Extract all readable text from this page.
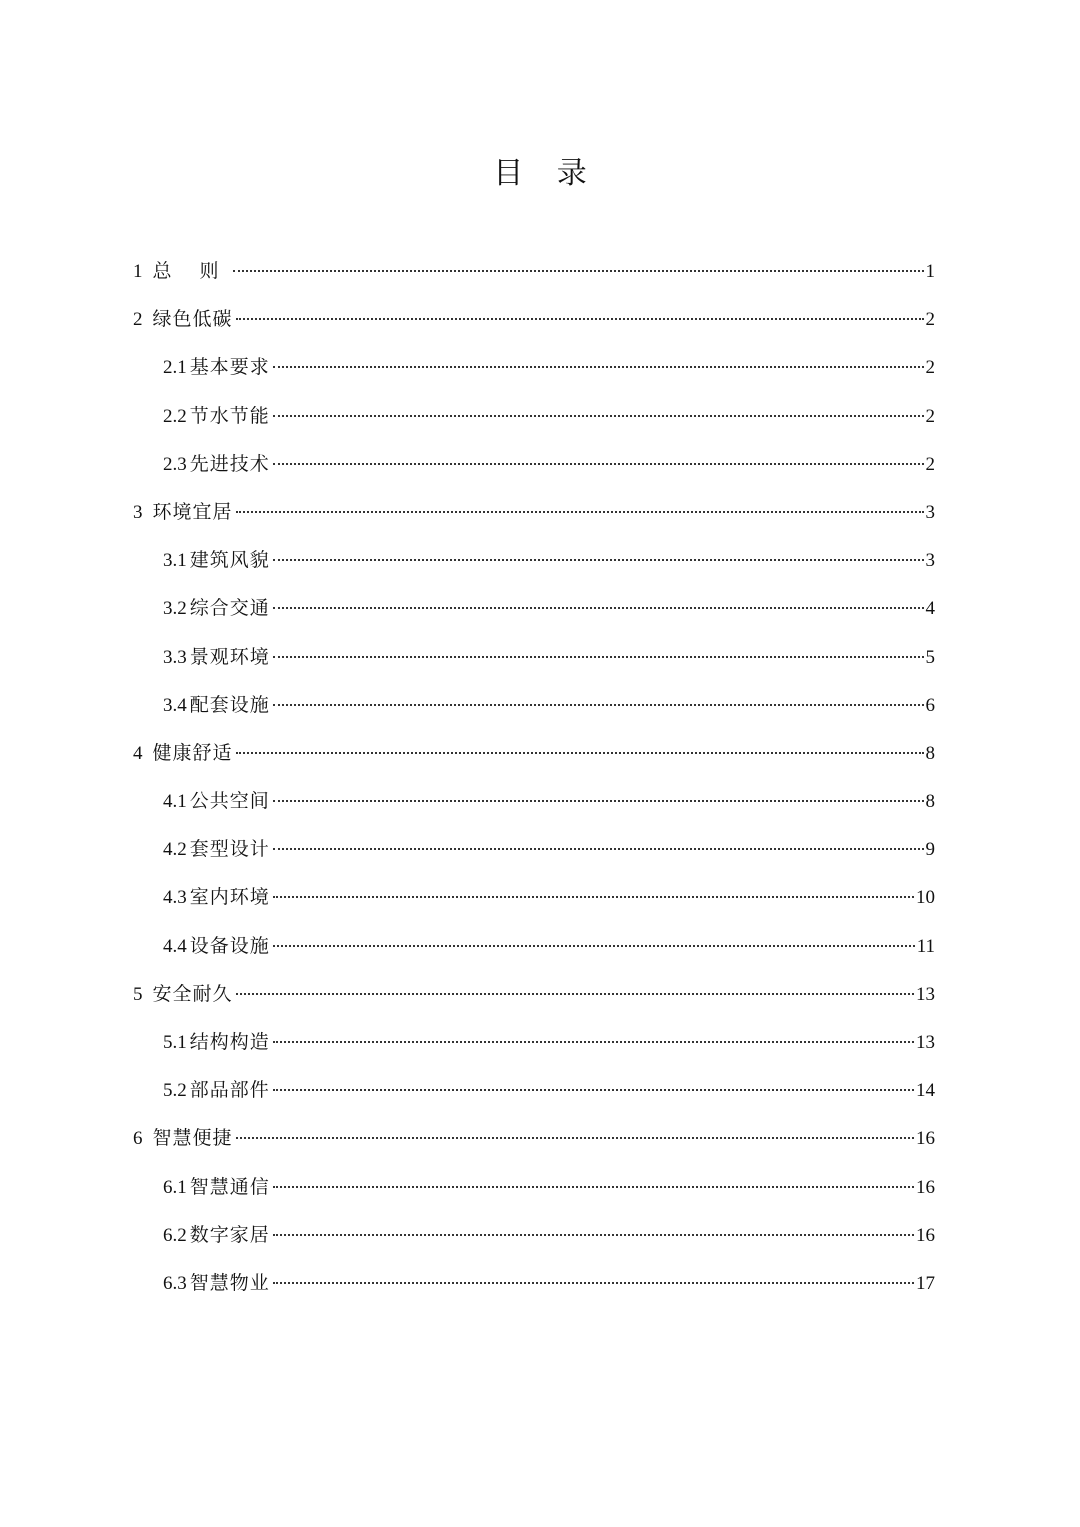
目 录
1 总 则	1
2 绿色低碳	2
2.1 基本要求	2
2.2 节水节能	2
2.3 先进技术	2
3 环境宜居	3
3.1 建筑风貌	3
3.2 综合交通	4
3.3 景观环境	5
3.4 配套设施	6
4 健康舒适	8
4.1 公共空间	8
4.2 套型设计	9
4.3 室内环境	10
4.4 设备设施	11
5 安全耐久	13
5.1 结构构造	13
5.2 部品部件	14
6 智慧便捷	16
6.1 智慧通信	16
6.2 数字家居	16
6.3 智慧物业	17
